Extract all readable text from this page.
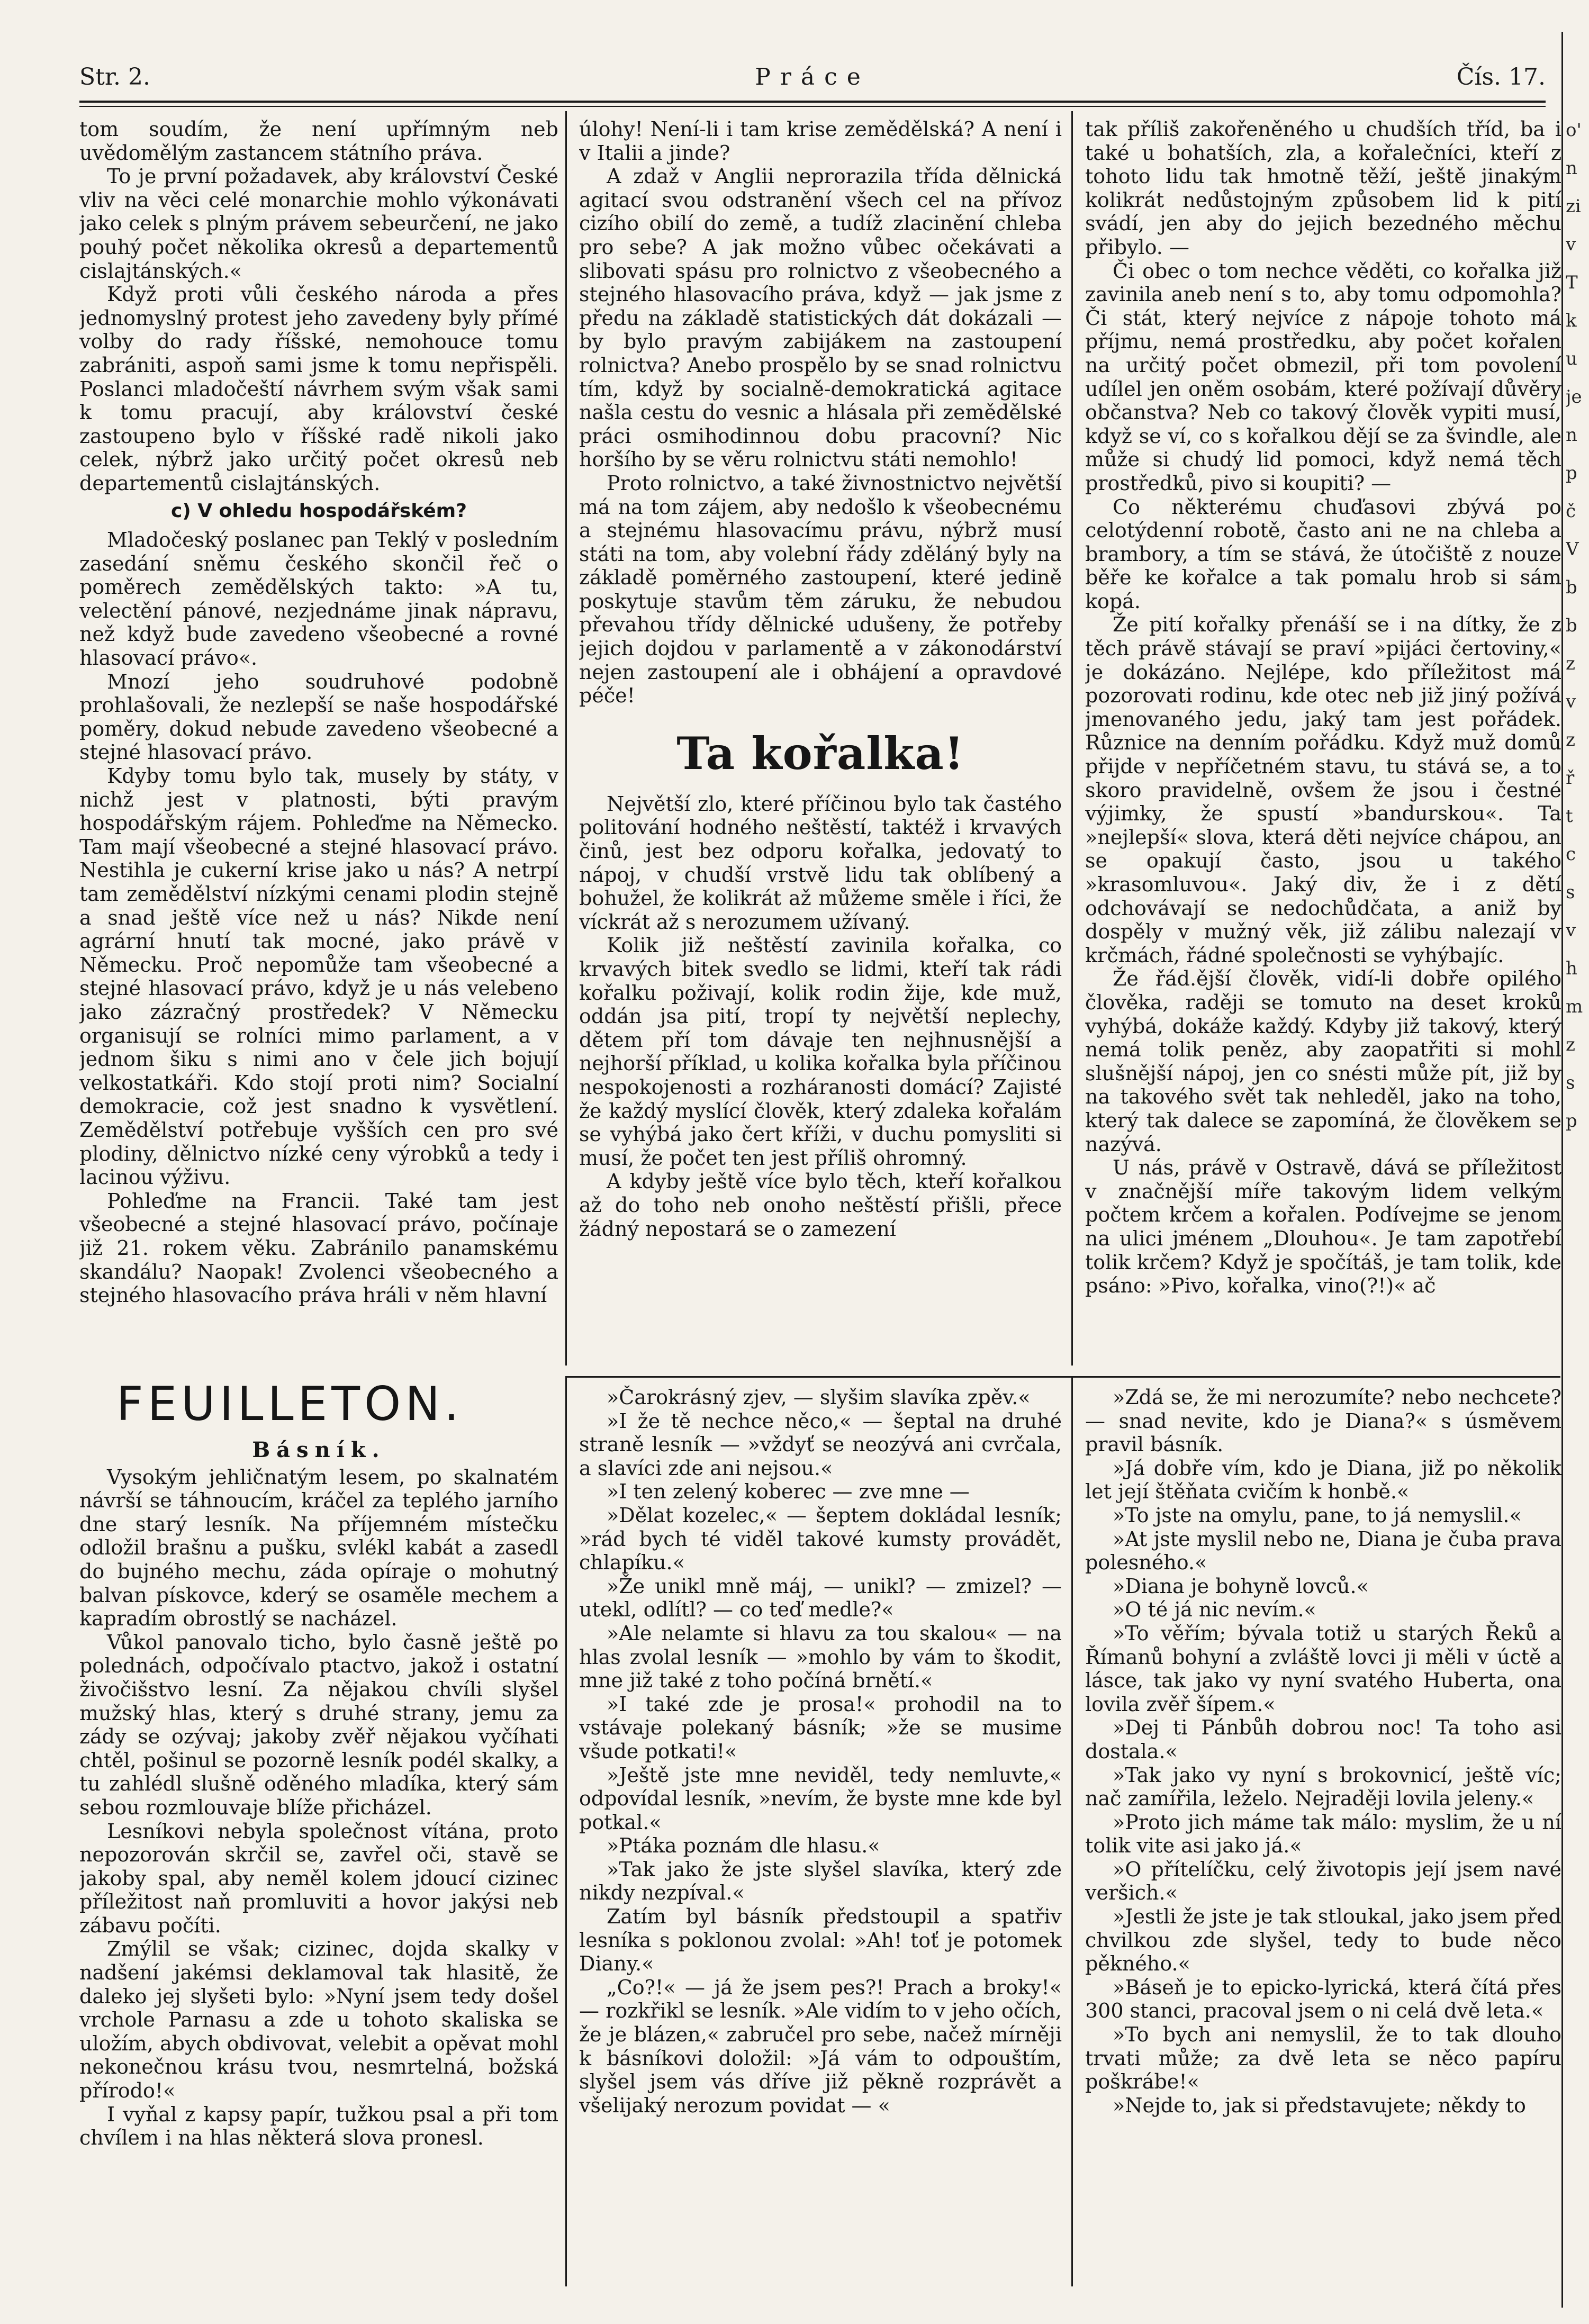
Str. 2.	Práce	Čís. 17.

tom soudím, že není upřímným neb uvědomělým zastancem státního práva.

To je první požadavek, aby království České vliv na věci celé monarchie mohlo výkonávati jako celek s plným právem sebeurčení, ne jako pouhý počet několika okresů a departementů cislajtánských.«

Když proti vůli českého národa a přes jednomyslný protest jeho zavedeny byly přímé volby do rady říšské, nemohouce tomu zabrániti, aspoň sami jsme k tomu nepřispěli. Poslanci mladočeští návrhem svým však sami k tomu pracují, aby království české zastoupeno bylo v říšské radě nikoli jako celek, nýbrž jako určitý počet okresů neb departementů cislajtánských.

c) V ohledu hospodářském?

Mladočeský poslanec pan Teklý v posledním zasedání sněmu českého skončil řeč o poměrech zemědělských takto: »A tu, velectění pánové, nezjednáme jinak nápravu, než když bude zavedeno všeobecné a rovné hlasovací právo«.

Mnozí jeho soudruhové podobně prohlašovali, že nezlepší se naše hospodářské poměry, dokud nebude zavedeno všeobecné a stejné hlasovací právo.

Kdyby tomu bylo tak, musely by státy, v nichž jest v platnosti, býti pravým hospodářským rájem. Pohleďme na Německo. Tam mají všeobecné a stejné hlasovací právo. Nestihla je cukerní krise jako u nás? A netrpí tam zemědělství nízkými cenami plodin stejně a snad ještě více než u nás? Nikde není agrární hnutí tak mocné, jako právě v Německu. Proč nepomůže tam všeobecné a stejné hlasovací právo, když je u nás velebeno jako zázračný prostředek? V Německu organisují se rolníci mimo parlament, a v jednom šiku s nimi ano v čele jich bojují velkostatkáři. Kdo stojí proti nim? Socialní demokracie, což jest snadno k vysvětlení. Zemědělství potřebuje vyšších cen pro své plodiny, dělnictvo nízké ceny výrobků a tedy i lacinou výživu.

Pohleďme na Francii. Také tam jest všeobecné a stejné hlasovací právo, počínaje již 21. rokem věku. Zabránilo panamskému skandálu? Naopak! Zvolenci všeobecného a stejného hlasovacího práva hráli v něm hlavní

úlohy! Není-li i tam krise zemědělská? A není i v Italii a jinde?

A zdaž v Anglii neprorazila třída dělnická agitací svou odstranění všech cel na přívoz cizího obilí do země, a tudíž zlacinění chleba pro sebe? A jak možno vůbec očekávati a slibovati spásu pro rolnictvo z všeobecného a stejného hlasovacího práva, když — jak jsme z předu na základě statistických dát dokázali — by bylo pravým zabijákem na zastoupení rolnictva? Anebo prospělo by se snad rolnictvu tím, když by socialně-demokratická agitace našla cestu do vesnic a hlásala při zemědělské práci osmihodinnou dobu pracovní? Nic horšího by se věru rolnictvu státi nemohlo!

Proto rolnictvo, a také živnostnictvo největší má na tom zájem, aby nedošlo k všeobecnému a stejnému hlasovacímu právu, nýbrž musí státi na tom, aby volební řády zděláný byly na základě poměrného zastoupení, které jedině poskytuje stavům těm záruku, že nebudou převahou třídy dělnické udušeny, že potřeby jejich dojdou v parlamentě a v zákonodárství nejen zastoupení ale i obhájení a opravdové péče!

Ta kořalka!

Největší zlo, které příčinou bylo tak častého politování hodného neštěstí, taktéž i krvavých činů, jest bez odporu kořalka, jedovatý to nápoj, v chudší vrstvě lidu tak oblíbený a bohužel, že kolikrát až můžeme směle i říci, že víckrát až s nerozumem užívaný.

Kolik již neštěstí zavinila kořalka, co krvavých bitek svedlo se lidmi, kteří tak rádi kořalku poživají, kolik rodin žije, kde muž, oddán jsa pití, tropí ty největší neplechy, dětem pří tom dávaje ten nejhnusnější a nejhorší příklad, u kolika kořalka byla příčinou nespokojenosti a rozháranosti domácí? Zajisté že každý myslící člověk, který zdaleka kořalám se vyhýbá jako čert kříži, v duchu pomysliti si musí, že počet ten jest příliš ohromný.

A kdyby ještě více bylo těch, kteří kořalkou až do toho neb onoho neštěstí přišli, přece žádný nepostará se o zamezení

tak příliš zakořeněného u chudších tříd, ba i také u bohatších, zla, a kořalečníci, kteří z tohoto lidu tak hmotně těží, ještě jinakým kolikrát nedůstojným způsobem lid k pití svádí, jen aby do jejich bezedného měchu přibylo. —

Či obec o tom nechce věděti, co kořalka již zavinila aneb není s to, aby tomu odpomohla? Či stát, který nejvíce z nápoje tohoto má příjmu, nemá prostředku, aby počet kořalen na určitý počet obmezil, při tom povolení udílel jen oněm osobám, které požívají důvěry občanstva? Neb co takový člověk vypiti musí, když se ví, co s kořalkou dějí se za švindle, ale může si chudý lid pomoci, když nemá těch prostředků, pivo si koupiti? —

Co některému chuďasovi zbývá po celotýdenní robotě, často ani ne na chleba a brambory, a tím se stává, že útočiště z nouze běře ke kořalce a tak pomalu hrob si sám kopá.

Že pití kořalky přenáší se i na dítky, že z těch právě stávají se praví »pijáci čertoviny,« je dokázáno. Nejlépe, kdo příležitost má pozorovati rodinu, kde otec neb již jiný požívá jmenovaného jedu, jaký tam jest pořádek. Různice na denním pořádku. Když muž domů přijde v nepříčetném stavu, tu stává se, a to skoro pravidelně, ovšem že jsou i čestné výjimky, že spustí »bandurskou«. Ta »nejlepší« slova, která děti nejvíce chápou, an se opakují často, jsou u takého »krasomluvou«. Jaký div, že i z dětí odchovávají se nedochůdčata, a aniž by dospěly v mužný věk, již zálibu nalezají v krčmách, řádné společnosti se vyhýbajíc.

Že řád.ější člověk, vidí-li dobře opilého člověka, raději se tomuto na deset kroků vyhýbá, dokáže každý. Kdyby již takový, který nemá tolik peněz, aby zaopatřiti si mohl slušnější nápoj, jen co snésti může pít, již by na takového svět tak nehleděl, jako na toho, který tak dalece se zapomíná, že člověkem se nazývá.

U nás, právě v Ostravě, dává se příležitost v značnější míře takovým lidem velkým počtem krčem a kořalen. Podívejme se jenom na ulici jménem „Dlouhou«. Je tam zapotřebí tolik krčem? Když je spočítáš, je tam tolik, kde psáno: »Pivo, kořalka, vino(?!)« ač

FEUILLETON.
Básník.

Vysokým jehličnatým lesem, po skalnatém návrší se táhnoucím, kráčel za teplého jarního dne starý lesník. Na příjemném místečku odložil brašnu a pušku, svlékl kabát a zasedl do bujného mechu, záda opíraje o mohutný balvan pískovce, kderý se osaměle mechem a kapradím obrostlý se nacházel.

Vůkol panovalo ticho, bylo časně ještě po polednách, odpočívalo ptactvo, jakož i ostatní živočišstvo lesní. Za nějakou chvíli slyšel mužský hlas, který s druhé strany, jemu za zády se ozývaj; jakoby zvěř nějakou vyčíhati chtěl, pošinul se pozorně lesník podél skalky, a tu zahlédl slušně oděného mladíka, který sám sebou rozmlouvaje blíže přicházel.

Lesníkovi nebyla společnost vítána, proto nepozorován skrčil se, zavřel oči, stavě se jakoby spal, aby neměl kolem jdoucí cizinec příležitost naň promluviti a hovor jakýsi neb zábavu počíti.

Zmýlil se však; cizinec, dojda skalky v nadšení jakémsi deklamoval tak hlasitě, že daleko jej slyšeti bylo: »Nyní jsem tedy došel vrchole Parnasu a zde u tohoto skaliska se uložím, abych obdivovat, velebit a opěvat mohl nekonečnou krásu tvou, nesmrtelná, božská přírodo!«

I vyňal z kapsy papír, tužkou psal a při tom chvílem i na hlas některá slova pronesl.

»Čarokrásný zjev, — slyšim slavíka zpěv.«

»I že tě nechce něco,« — šeptal na druhé straně lesník — »vždyť se neozývá ani cvrčala, a slavíci zde ani nejsou.«

»I ten zelený koberec — zve mne —

»Dělat kozelec,« — šeptem dokládal lesník; »rád bych té viděl takové kumsty provádět, chlapíku.«

»Že unikl mně máj, — unikl? — zmizel? — utekl, odlítl? — co teď medle?«

»Ale nelamte si hlavu za tou skalou« — na hlas zvolal lesník — »mohlo by vám to škodit, mne již také z toho počíná brnětí.«

»I také zde je prosa!« prohodil na to vstávaje polekaný básník; »že se musime všude potkati!«

»Ještě jste mne neviděl, tedy nemluvte,« odpovídal lesník, »nevím, že byste mne kde byl potkal.«

»Ptáka poznám dle hlasu.«

»Tak jako že jste slyšel slavíka, který zde nikdy nezpíval.«

Zatím byl básník předstoupil a spatřiv lesníka s poklonou zvolal: »Ah! toť je potomek Diany.«

„Co?!« — já že jsem pes?! Prach a broky!« — rozkřikl se lesník. »Ale vidím to v jeho očích, že je blázen,« zabručel pro sebe, načež mírněji k básníkovi doložil: »Já vám to odpouštím, slyšel jsem vás dříve již pěkně rozprávět a všelijaký nerozum povidat — «

»Zdá se, že mi nerozumíte? nebo nechcete? — snad nevite, kdo je Diana?« s úsměvem pravil básník.

»Já dobře vím, kdo je Diana, již po několik let její štěňata cvičím k honbě.«

»To jste na omylu, pane, to já nemyslil.«

»At jste myslil nebo ne, Diana je čuba prava polesného.«

»Diana je bohyně lovců.«

»O té já nic nevím.«

»To věřím; bývala totiž u starých Řeků a Římanů bohyní a zvláště lovci ji měli v úctě a lásce, tak jako vy nyní svatého Huberta, ona lovila zvěř šípem.«

»Dej ti Pánbůh dobrou noc! Ta toho asi dostala.«

»Tak jako vy nyní s brokovnicí, ještě víc; nač zamířila, leželo. Nejraději lovila jeleny.«

»Proto jich máme tak málo: myslim, že u ní tolik vite asi jako já.«

»O přítelíčku, celý životopis její jsem navé veršich.«

»Jestli že jste je tak stloukal, jako jsem před chvilkou zde slyšel, tedy to bude něco pěkného.«

»Báseň je to epicko-lyrická, která čítá přes 300 stanci, pracoval jsem o ni celá dvě leta.«

»To bych ani nemyslil, že to tak dlouho trvati může; za dvě leta se něco papíru poškrábe!«

»Nejde to, jak si představujete; někdy to

o'
n
zi
v
T
k
u
je
n
p
č
V
b
b
z
v
z
ř
t
c
s
v
h
m
z
s
p
